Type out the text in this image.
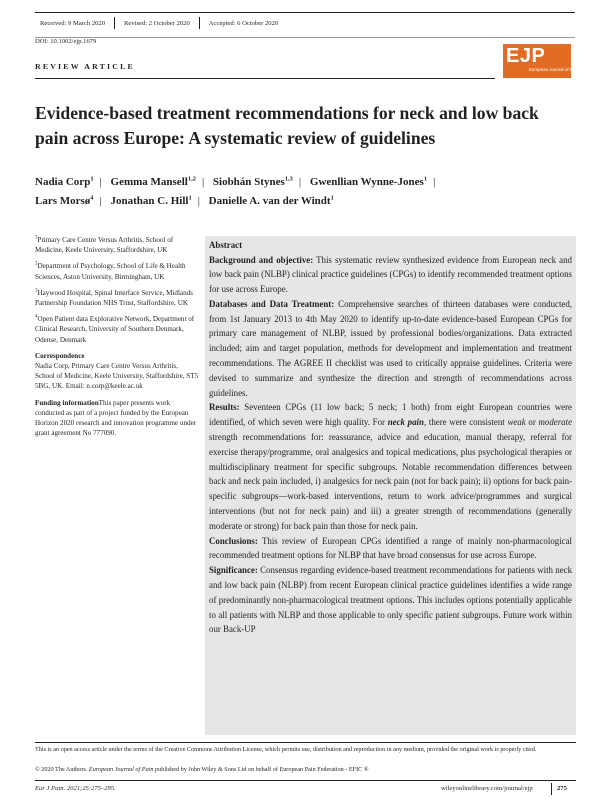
Received: 9 March 2020	Revised: 2 October 2020	Accepted: 6 October 2020
DOI: 10.1002/ejp.1679
EJP
European Journal of Pain
REVIEW ARTICLE
Evidence-based treatment recommendations for neck and low back pain across Europe: A systematic review of guidelines
Nadia Corp$^1$ | Gemma Mansell$^{1,2}$ | Siobhán Stynes$^{1,3}$ | Gwenllian Wynne-Jones$^1$ |
Lars Morsø$^4$ | Jonathan C. Hill$^1$ | Danielle A. van der Windt$^1$
$^1$Primary Care Centre Versus Arthritis, School of Medicine, Keele University, Staffordshire, UK
$^2$Department of Psychology, School of Life & Health Sciences, Aston University, Birmingham, UK
$^3$Haywood Hospital, Spinal Interface Service, Midlands Partnership Foundation NHS Trust, Staffordshire, UK
$^4$Open Patient data Explorative Network, Department of Clinical Research, University of Southern Denmark, Odense, Denmark
Correspondence
Nadia Corp, Primary Care Centre Versus Arthritis, School of Medicine, Keele University, Staffordshire, ST5 5BG, UK. Email: n.corp@keele.ac.uk
Funding informationThis paper presents work conducted as part of a project funded by the European Horizon 2020 research and innovation programme under grant agreement No 777090.
Abstract

Background and objective: This systematic review synthesized evidence from European neck and low back pain (NLBP) clinical practice guidelines (CPGs) to identify recommended treatment options for use across Europe.

Databases and Data Treatment: Comprehensive searches of thirteen databases were conducted, from 1st January 2013 to 4th May 2020 to identify up-to-date evidence-based European CPGs for primary care management of NLBP, issued by professional bodies/organizations. Data extracted included; aim and target population, methods for development and implementation and treatment recommendations. The AGREE II checklist was used to critically appraise guidelines. Criteria were devised to summarize and synthesize the direction and strength of recommendations across guidelines.

Results: Seventeen CPGs (11 low back; 5 neck; 1 both) from eight European countries were identified, of which seven were high quality. For neck pain, there were consistent weak or moderate strength recommendations for: reassurance, advice and education, manual therapy, referral for exercise therapy/programme, oral analgesics and topical medications, plus psychological therapies or multidisciplinary treatment for specific subgroups. Notable recommendation differences between back and neck pain included, i) analgesics for neck pain (not for back pain); ii) options for back pain-specific subgroups—work-based interventions, return to work advice/programmes and surgical interventions (but not for neck pain) and iii) a greater strength of recommendations (generally moderate or strong) for back pain than those for neck pain.

Conclusions: This review of European CPGs identified a range of mainly non-pharmacological recommended treatment options for NLBP that have broad consensus for use across Europe.

Significance: Consensus regarding evidence-based treatment recommendations for patients with neck and low back pain (NLBP) from recent European clinical practice guidelines identifies a wide range of predominantly non-pharmacological treatment options. This includes options potentially applicable to all patients with NLBP and those applicable to only specific patient subgroups. Future work within our Back-UP

This is an open access article under the terms of the Creative Commons Attribution License, which permits use, distribution and reproduction in any medium, provided the original work is properly cited.
© 2020 The Authors. European Journal of Pain published by John Wiley & Sons Ltd on behalf of European Pain Federation - EFIC ®
Eur J Pain. 2021;25:275–295.	wileyonlinelibrary.com/journal/ejp	275
